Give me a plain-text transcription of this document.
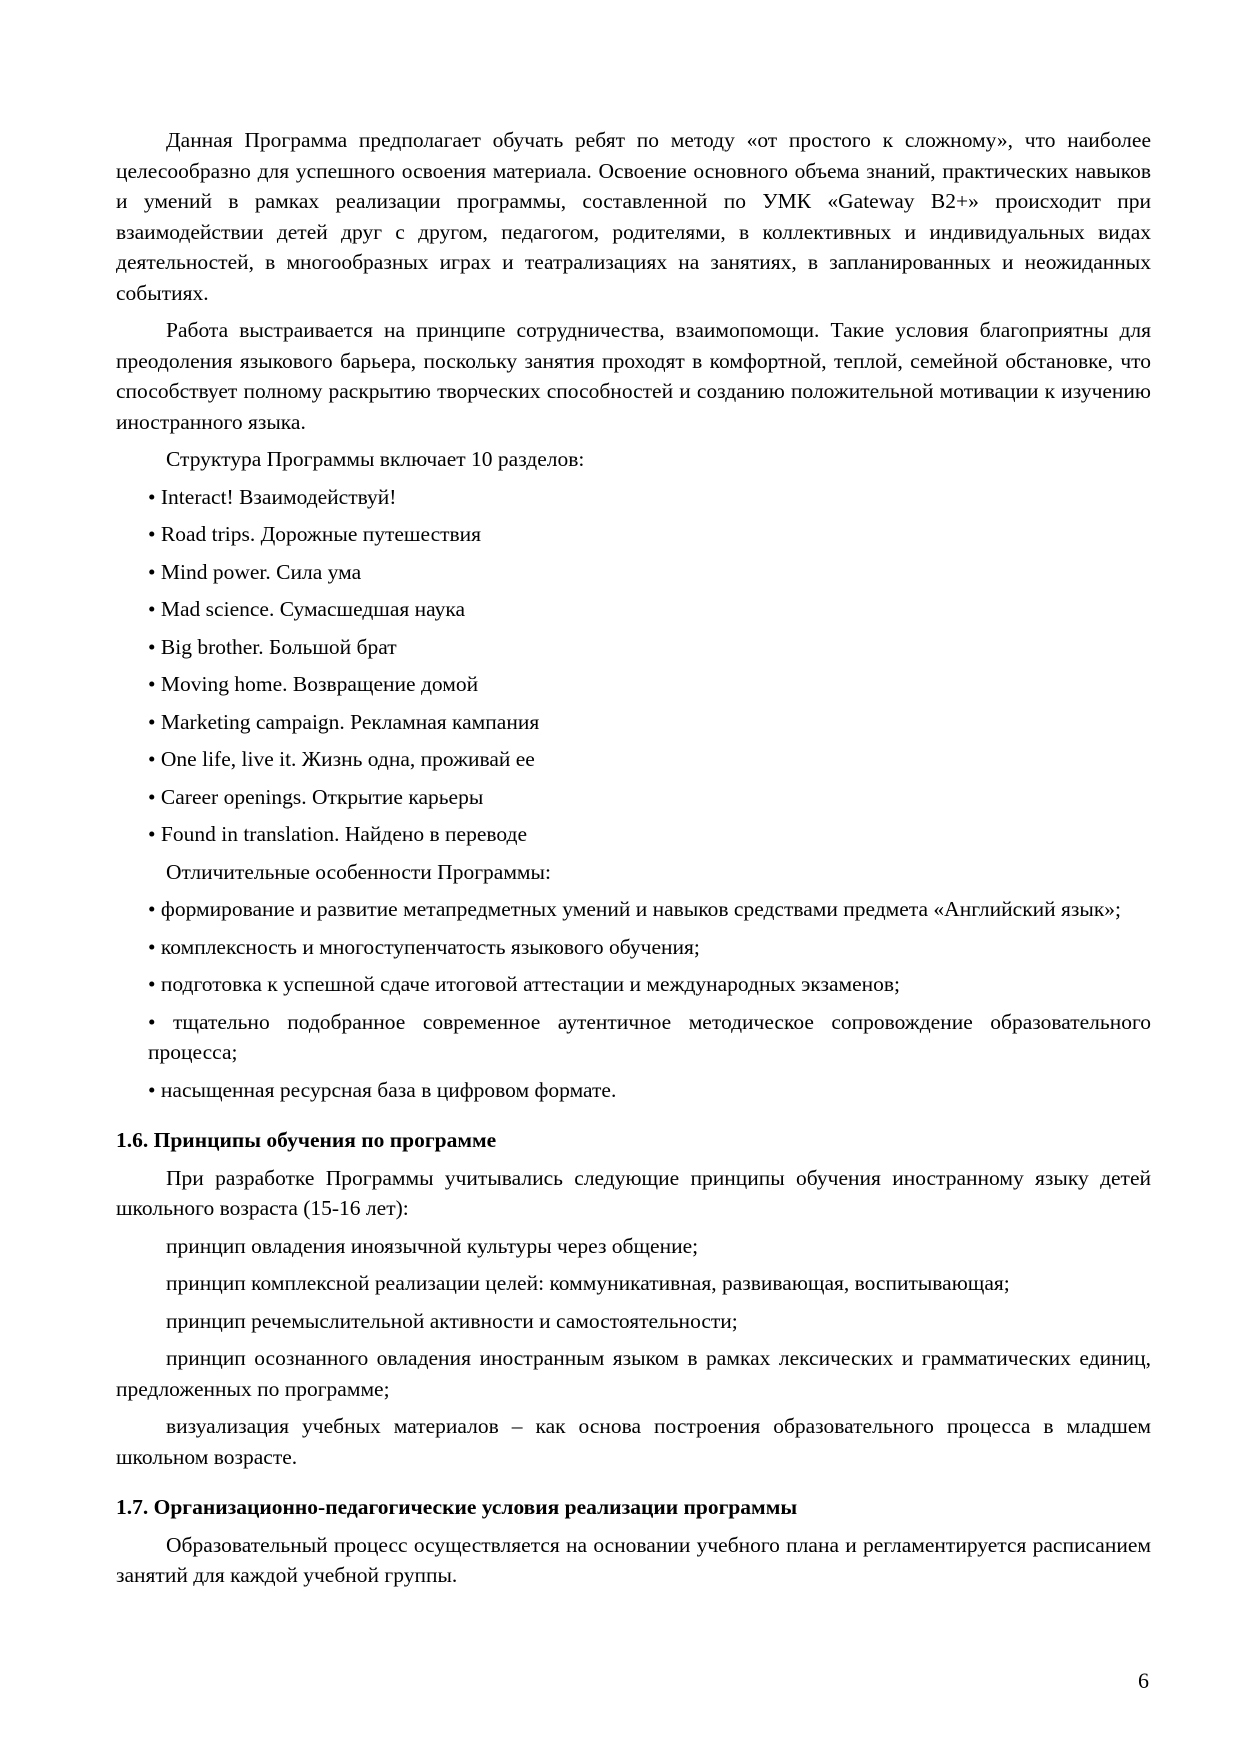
Данная Программа предполагает обучать ребят по методу «от простого к сложному», что наиболее целесообразно для успешного освоения материала. Освоение основного объема знаний, практических навыков и умений в рамках реализации программы, составленной по УМК «Gateway B2+» происходит при взаимодействии детей друг с другом, педагогом, родителями, в коллективных и индивидуальных видах деятельностей, в многообразных играх и театрализациях на занятиях, в запланированных и неожиданных событиях.

Работа выстраивается на принципе сотрудничества, взаимопомощи. Такие условия благоприятны для преодоления языкового барьера, поскольку занятия проходят в комфортной, теплой, семейной обстановке, что способствует полному раскрытию творческих способностей и созданию положительной мотивации к изучению иностранного языка.

Структура Программы включает 10 разделов:

• Interact! Взаимодействуй!
• Road trips. Дорожные путешествия
• Mind power. Сила ума
• Mad science. Сумасшедшая наука
• Big brother. Большой брат
• Moving home. Возвращение домой
• Marketing campaign. Рекламная кампания
• One life, live it. Жизнь одна, проживай ее
• Career openings. Открытие карьеры
• Found in translation. Найдено в переводе

Отличительные особенности Программы:

• формирование и развитие метапредметных умений и навыков средствами предмета «Английский язык»;
• комплексность и многоступенчатость языкового обучения;
• подготовка к успешной сдаче итоговой аттестации и международных экзаменов;
• тщательно подобранное современное аутентичное методическое сопровождение образовательного процесса;
• насыщенная ресурсная база в цифровом формате.
1.6. Принципы обучения по программе

При разработке Программы учитывались следующие принципы обучения иностранному языку детей школьного возраста (15-16 лет):

принцип овладения иноязычной культуры через общение;

принцип комплексной реализации целей: коммуникативная, развивающая, воспитывающая;

принцип речемыслительной активности и самостоятельности;

принцип осознанного овладения иностранным языком в рамках лексических и грамматических единиц, предложенных по программе;

визуализация учебных материалов – как основа построения образовательного процесса в младшем школьном возрасте.

1.7. Организационно-педагогические условия реализации программы

Образовательный процесс осуществляется на основании учебного плана и регламентируется расписанием занятий для каждой учебной группы.

6
